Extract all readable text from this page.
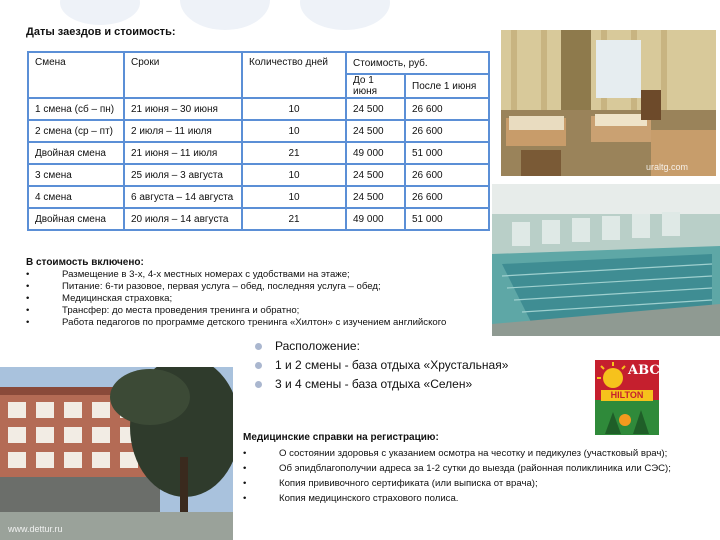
Даты заездов и стоимость:
Смена	Сроки	Количество дней	Стоимость, руб.	
			До 1 июня	После 1 июня
1 смена (сб – пн)	21 июня – 30 июня	10	24 500	26 600
2 смена (ср – пт)	2 июля – 11 июля	10	24 500	26 600
Двойная смена	21 июня – 11 июля	21	49 000	51 000
3 смена	25 июля – 3 августа	10	24 500	26 600
4 смена	6 августа – 14 августа	10	24 500	26 600
Двойная смена	20 июля – 14 августа	21	49 000	51 000
В стоимость включено:
•	Размещение в 3-х, 4-х местных номерах с удобствами на этаже;
•	Питание: 6-ти разовое, первая услуга – обед, последняя услуга – обед;
•	Медицинская страховка;
•	Трансфер: до места проведения тренинга и обратно;
•	Работа педагогов по программе детского тренинга «Хилтон» с изучением английского
uraltg.com
www.dettur.ru
Расположение:
1 и 2 смены - база отдыха «Хрустальная»
3 и 4 смены - база отдыха «Селен»
ABC
HILTON
Медицинские справки на регистрацию:
•	О состоянии здоровья с указанием осмотра на чесотку и педикулез (участковый врач);
•	Об эпидблагополучии адреса за 1-2 сутки до выезда (районная поликлиника или СЭС);
•	Копия прививочного сертификата (или выписка от врача);
•	Копия медицинского страхового полиса.
